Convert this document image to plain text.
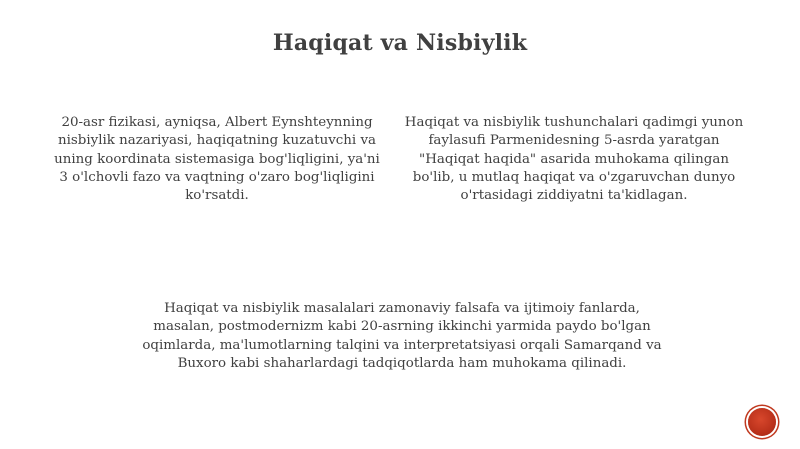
Haqiqat va Nisbiylik
20-asr fizikasi, ayniqsa, Albert Eynshteynning nisbiylik nazariyasi, haqiqatning kuzatuvchi va uning koordinata sistemasiga bog'liqligini, ya'ni 3 o'lchovli fazo va vaqtning o'zaro bog'liqligini ko'rsatdi.
Haqiqat va nisbiylik tushunchalari qadimgi yunon faylasufi Parmenidesning 5-asrda yaratgan "Haqiqat haqida" asarida muhokama qilingan bo'lib, u mutlaq haqiqat va o'zgaruvchan dunyo o'rtasidagi ziddiyatni ta'kidlagan.
Haqiqat va nisbiylik masalalari zamonaviy falsafa va ijtimoiy fanlarda, masalan, postmodernizm kabi 20-asrning ikkinchi yarmida paydo bo'lgan oqimlarda, ma'lumotlarning talqini va interpretatsiyasi orqali Samarqand va Buxoro kabi shaharlardagi tadqiqotlarda ham muhokama qilinadi.
